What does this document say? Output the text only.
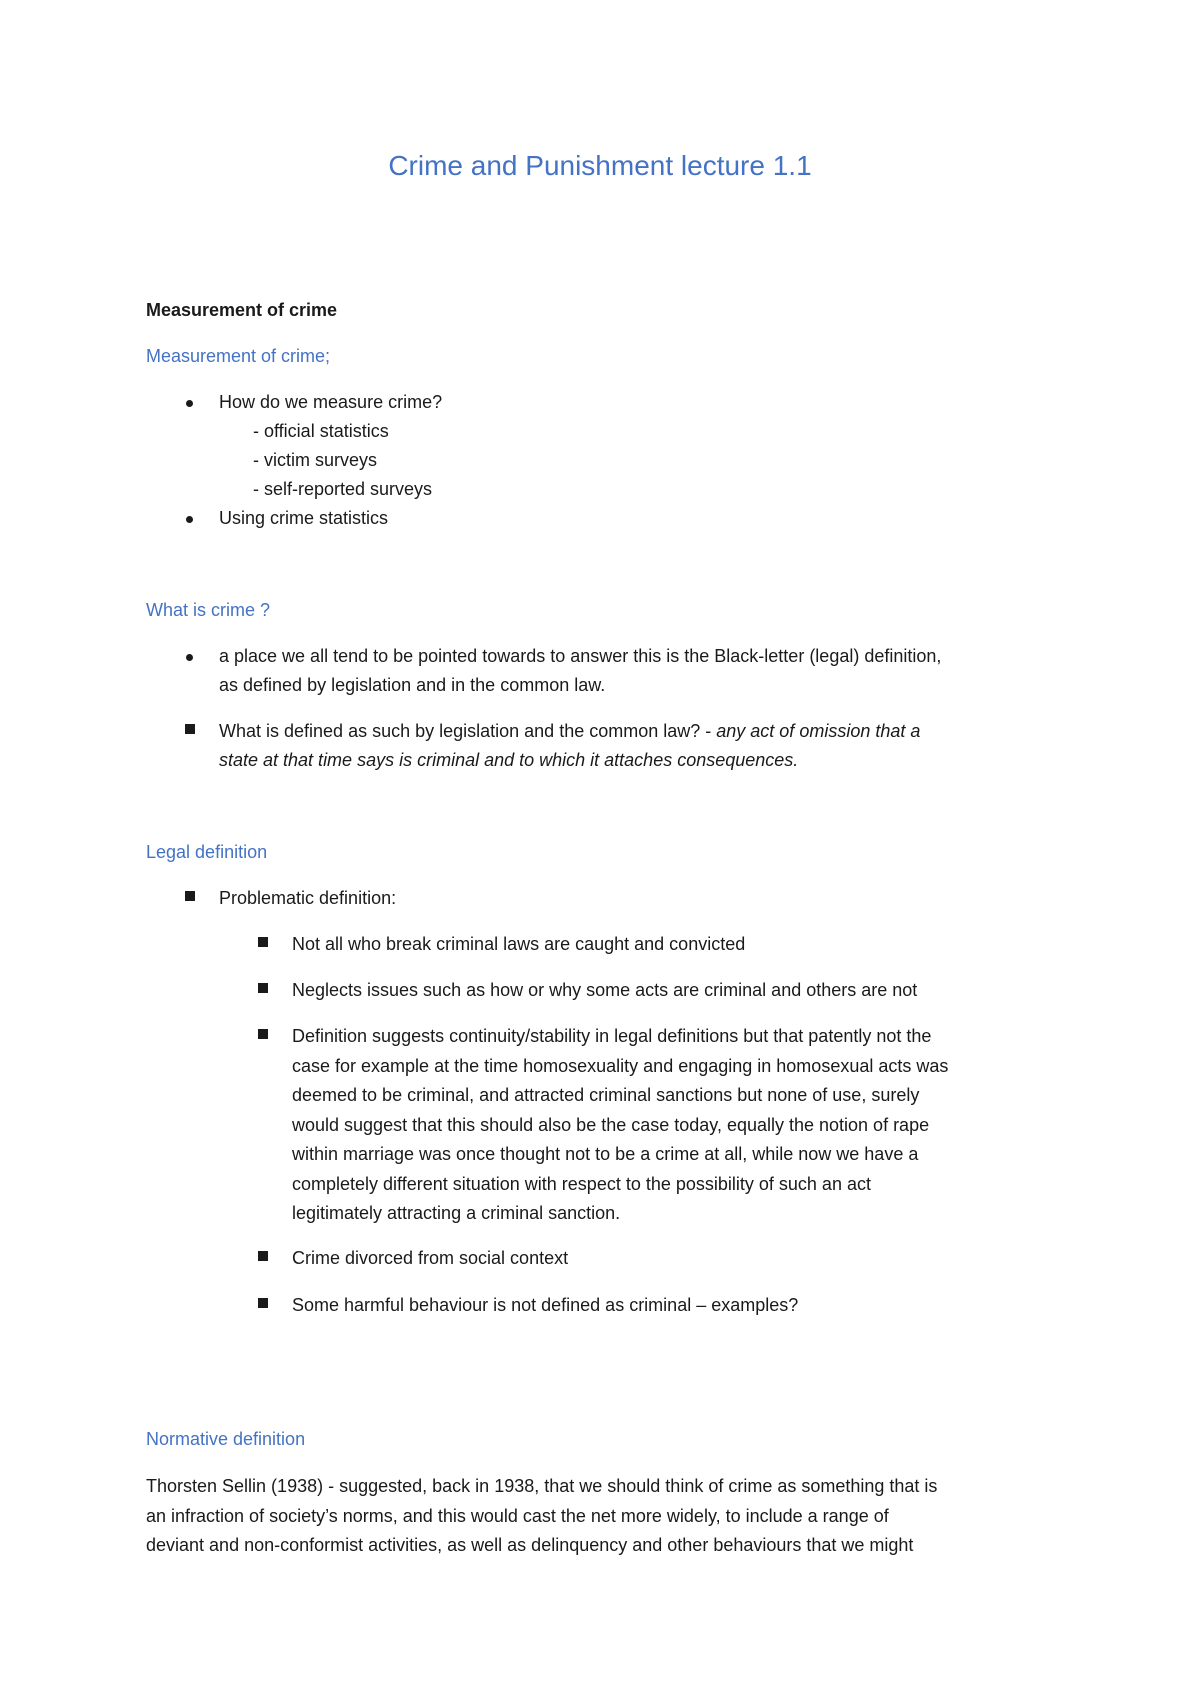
Crime and Punishment lecture 1.1
Measurement of crime
Measurement of crime;
How do we measure crime?
- official statistics
- victim surveys
- self-reported surveys
Using crime statistics
What is crime ?
a place we all tend to be pointed towards to answer this is the Black-letter (legal) definition,
as defined by legislation and in the common law.
What is defined as such by legislation and the common law? - any act of omission that a
state at that time says is criminal and to which it attaches consequences.
Legal definition
Problematic definition:
Not all who break criminal laws are caught and convicted
Neglects issues such as how or why some acts are criminal and others are not
Definition suggests continuity/stability in legal definitions but that patently not the
case for example at the time homosexuality and engaging in homosexual acts was
deemed to be criminal, and attracted criminal sanctions but none of use, surely
would suggest that this should also be the case today, equally the notion of rape
within marriage was once thought not to be a crime at all, while now we have a
completely different situation with respect to the possibility of such an act
legitimately attracting a criminal sanction.
Crime divorced from social context
Some harmful behaviour is not defined as criminal – examples?
Normative definition
Thorsten Sellin (1938) - suggested, back in 1938, that we should think of crime as something that is
an infraction of society’s norms, and this would cast the net more widely, to include a range of
deviant and non-conformist activities, as well as delinquency and other behaviours that we might
